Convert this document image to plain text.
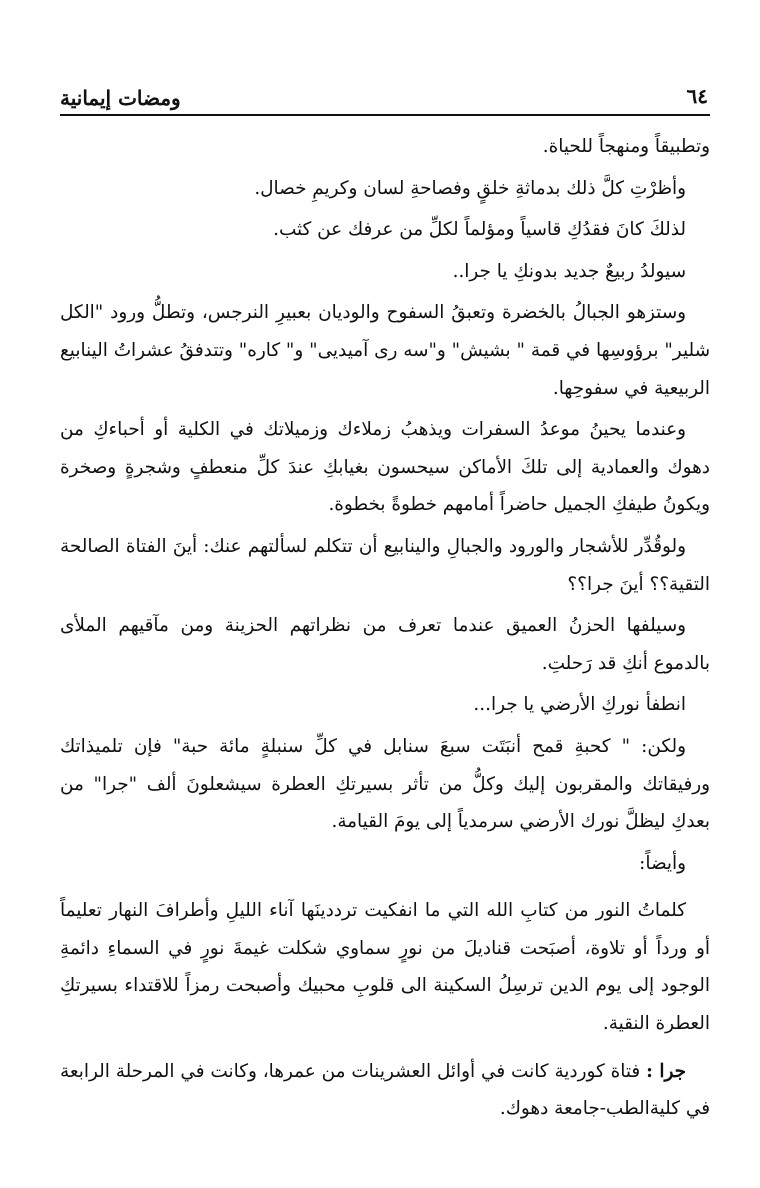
٦٤
ومضات إيمانية

وتطبيقاً ومنهجاً للحياة.

وأظرْتِ كلَّ ذلك بدماثةِ خلقٍ وفصاحةِ لسان وكريمِ خصال.

لذلكَ كانَ فقدُكِ قاسياً ومؤلماً لكلِّ من عرفك عن كثب.

سيولدُ ربيعٌ جديد بدونكِ يا جرا..

وستزهو الجبالُ بالخضرة وتعبقُ السفوح والوديان بعبيرِ النرجس، وتطلُّ ورود "الكل شلير" برؤوسِها في قمة " بشيش" و"سه رى آميديى" و" كاره" وتتدفقُ عشراتُ الينابيع الربيعية في سفوحِها.

وعندما يحينُ موعدُ السفرات ويذهبُ زملاءك وزميلاتك في الكلية أو أحباءكِ من دهوك والعمادية إلى تلكَ الأماكن سيحسون بغيابكِ عندَ كلِّ منعطفٍ وشجرةٍ وصخرة ويكونُ طيفكِ الجميل حاضراً أمامهم خطوةً بخطوة.

ولوقُدِّر للأشجار والورود والجبالِ والينابيع أن تتكلم لسألتهم عنك: أينَ الفتاة الصالحة التقية؟؟ أينَ جرا؟؟

وسيلفها الحزنُ العميق عندما تعرف من نظراتهم الحزينة ومن مآقيهم الملأى بالدموع أنكِ قد رَحلتِ.

انطفأ نوركِ الأرضي يا جرا...

ولكن: " كحبةِ قمح أنبَتَت سبعَ سنابل في كلِّ سنبلةٍ مائة حبة" فإن تلميذاتك ورفيقاتك والمقربون إليك وكلُّ من تأثر بسيرتكِ العطرة سيشعلونَ ألف "جرا" من بعدكِ ليظلَّ نورك الأرضي سرمدياً إلى يومَ القيامة.

وأيضاً:

كلماتُ النور من كتابِ الله التي ما انفكيت ترددينَها آناء الليلِ وأطرافَ النهار تعليماً أو ورداً أو تلاوة، أصبَحت قناديلَ من نورٍ سماوي شكلت غيمةَ نورٍ في السماءِ دائمةِ الوجود إلى يوم الدين ترسِلُ السكينة الى قلوبِ محبيك وأصبحت رمزاً للاقتداء بسيرتكِ العطرة النقية.

جرا : فتاة كوردية كانت في أوائل العشرينات من عمرها، وكانت في المرحلة الرابعة في كليةالطب-جامعة دهوك.
